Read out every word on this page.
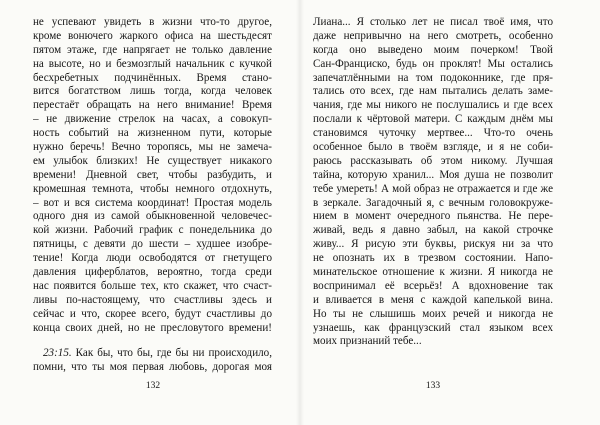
не успевают увидеть в жизни что-то другое,
кроме вонючего жаркого офиса на шестьдесят
пятом этаже, где напрягает не только давление
на высоте, но и безмозглый начальник с кучкой
бесхребетных подчинённых. Время стано-
вится богатством лишь тогда, когда человек
перестаёт обращать на него внимание! Время
– не движение стрелок на часах, а совокуп-
ность событий на жизненном пути, которые
нужно беречь! Вечно торопясь, мы не замеча-
ем улыбок близких! Не существует никакого
времени! Дневной свет, чтобы разбудить, и
кромешная темнота, чтобы немного отдохнуть,
– вот и вся система координат! Простая модель
одного дня из самой обыкновенной человечес-
кой жизни. Рабочий график с понедельника до
пятницы, с девяти до шести – худшее изобре-
тение! Когда люди освободятся от гнетущего
давления циферблатов, вероятно, тогда среди
нас появится больше тех, кто скажет, что счаст-
ливы по-настоящему, что счастливы здесь и
сейчас и что, скорее всего, будут счастливы до
конца своих дней, но не пресловутого времени!
23:15. Как бы, что бы, где бы ни происходило,
помни, что ты моя первая любовь, дорогая моя
132
Лиана... Я столько лет не писал твоё имя, что
даже непривычно на него смотреть, особенно
когда оно выведено моим почерком! Твой
Сан-Франциско, будь он проклят! Мы остались
запечатлёнными на том подоконнике, где пря-
тались ото всех, где нам пытались делать заме-
чания, где мы никого не послушались и где всех
послали к чёртовой матери. С каждым днём мы
становимся чуточку мертвее... Что-то очень
особенное было в твоём взгляде, и я не соби-
раюсь рассказывать об этом никому. Лучшая
тайна, которую хранил... Моя душа не позволит
тебе умереть! А мой образ не отражается и где же
в зеркале. Загадочный я, с вечным головокруже-
нием в момент очередного пьянства. Не пере-
живай, ведь я давно забыл, на какой строчке
живу... Я рисую эти буквы, рискуя ни за что
не опознать их в трезвом состоянии. Напо-
минательское отношение к жизни. Я никогда не
воспринимал её всерьёз! А вдохновение так
и вливается в меня с каждой капелькой вина.
Но ты не слышишь моих речей и никогда не
узнаешь, как французский стал языком всех
моих признаний тебе...
133
